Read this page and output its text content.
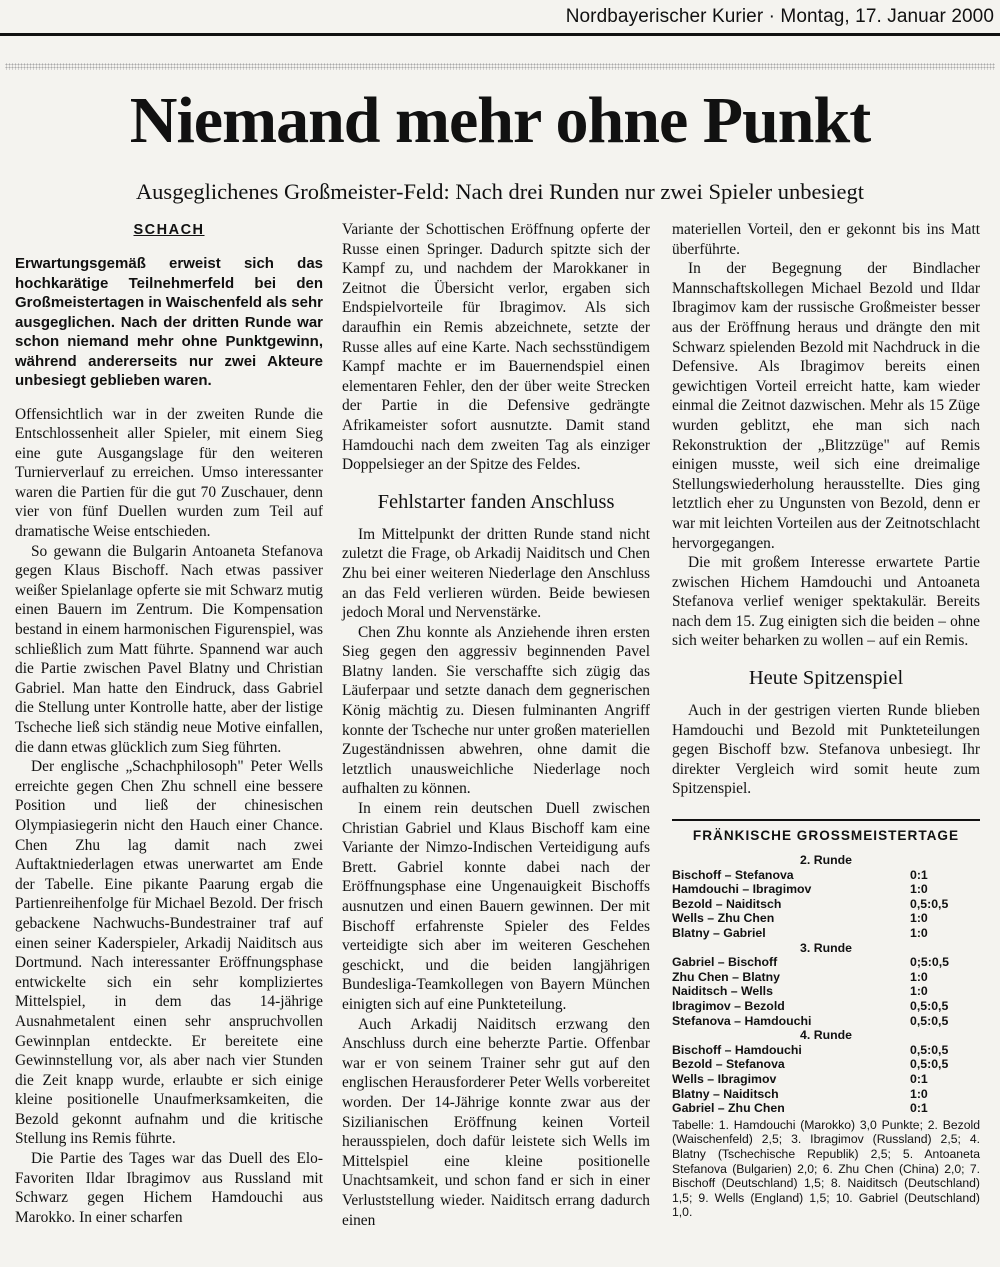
Nordbayerischer Kurier · Montag, 17. Januar 2000
Niemand mehr ohne Punkt
Ausgeglichenes Großmeister-Feld: Nach drei Runden nur zwei Spieler unbesiegt
SCHACH
Erwartungsgemäß erweist sich das hochkarätige Teilnehmerfeld bei den Großmeistertagen in Waischenfeld als sehr ausgeglichen. Nach der dritten Runde war schon niemand mehr ohne Punktgewinn, während andererseits nur zwei Akteure unbesiegt geblieben waren.

Offensichtlich war in der zweiten Runde die Entschlossenheit aller Spieler, mit einem Sieg eine gute Ausgangslage für den weiteren Turnierverlauf zu erreichen. Umso interessanter waren die Partien für die gut 70 Zuschauer, denn vier von fünf Duellen wurden zum Teil auf dramatische Weise entschieden.

So gewann die Bulgarin Antoaneta Stefanova gegen Klaus Bischoff. Nach etwas passiver weißer Spielanlage opferte sie mit Schwarz mutig einen Bauern im Zentrum. Die Kompensation bestand in einem harmonischen Figurenspiel, was schließlich zum Matt führte. Spannend war auch die Partie zwischen Pavel Blatny und Christian Gabriel. Man hatte den Eindruck, dass Gabriel die Stellung unter Kontrolle hatte, aber der listige Tscheche ließ sich ständig neue Motive einfallen, die dann etwas glücklich zum Sieg führten.

Der englische „Schachphilosoph" Peter Wells erreichte gegen Chen Zhu schnell eine bessere Position und ließ der chinesischen Olympiasiegerin nicht den Hauch einer Chance. Chen Zhu lag damit nach zwei Auftaktniederlagen etwas unerwartet am Ende der Tabelle. Eine pikante Paarung ergab die Partienreihenfolge für Michael Bezold. Der frisch gebackene Nachwuchs-Bundestrainer traf auf einen seiner Kaderspieler, Arkadij Naiditsch aus Dortmund. Nach interessanter Eröffnungsphase entwickelte sich ein sehr kompliziertes Mittelspiel, in dem das 14-jährige Ausnahmetalent einen sehr anspruchvollen Gewinnplan entdeckte. Er bereitete eine Gewinnstellung vor, als aber nach vier Stunden die Zeit knapp wurde, erlaubte er sich einige kleine positionelle Unaufmerksamkeiten, die Bezold gekonnt aufnahm und die kritische Stellung ins Remis führte.

Die Partie des Tages war das Duell des Elo-Favoriten Ildar Ibragimov aus Russland mit Schwarz gegen Hichem Hamdouchi aus Marokko. In einer scharfen

Variante der Schottischen Eröffnung opferte der Russe einen Springer. Dadurch spitzte sich der Kampf zu, und nachdem der Marokkaner in Zeitnot die Übersicht verlor, ergaben sich Endspielvorteile für Ibragimov. Als sich daraufhin ein Remis abzeichnete, setzte der Russe alles auf eine Karte. Nach sechsstündigem Kampf machte er im Bauernendspiel einen elementaren Fehler, den der über weite Strecken der Partie in die Defensive gedrängte Afrikameister sofort ausnutzte. Damit stand Hamdouchi nach dem zweiten Tag als einziger Doppelsieger an der Spitze des Feldes.

Fehlstarter fanden Anschluss

Im Mittelpunkt der dritten Runde stand nicht zuletzt die Frage, ob Arkadij Naiditsch und Chen Zhu bei einer weiteren Niederlage den Anschluss an das Feld verlieren würden. Beide bewiesen jedoch Moral und Nervenstärke.

Chen Zhu konnte als Anziehende ihren ersten Sieg gegen den aggressiv beginnenden Pavel Blatny landen. Sie verschaffte sich zügig das Läuferpaar und setzte danach dem gegnerischen König mächtig zu. Diesen fulminanten Angriff konnte der Tscheche nur unter großen materiellen Zugeständnissen abwehren, ohne damit die letztlich unausweichliche Niederlage noch aufhalten zu können.

In einem rein deutschen Duell zwischen Christian Gabriel und Klaus Bischoff kam eine Variante der Nimzo-Indischen Verteidigung aufs Brett. Gabriel konnte dabei nach der Eröffnungsphase eine Ungenauigkeit Bischoffs ausnutzen und einen Bauern gewinnen. Der mit Bischoff erfahrenste Spieler des Feldes verteidigte sich aber im weiteren Geschehen geschickt, und die beiden langjährigen Bundesliga-Teamkollegen von Bayern München einigten sich auf eine Punkteteilung.

Auch Arkadij Naiditsch erzwang den Anschluss durch eine beherzte Partie. Offenbar war er von seinem Trainer sehr gut auf den englischen Herausforderer Peter Wells vorbereitet worden. Der 14-Jährige konnte zwar aus der Sizilianischen Eröffnung keinen Vorteil herausspielen, doch dafür leistete sich Wells im Mittelspiel eine kleine positionelle Unachtsamkeit, und schon fand er sich in einer Verluststellung wieder. Naiditsch errang dadurch einen

materiellen Vorteil, den er gekonnt bis ins Matt überführte.

In der Begegnung der Bindlacher Mannschaftskollegen Michael Bezold und Ildar Ibragimov kam der russische Großmeister besser aus der Eröffnung heraus und drängte den mit Schwarz spielenden Bezold mit Nachdruck in die Defensive. Als Ibragimov bereits einen gewichtigen Vorteil erreicht hatte, kam wieder einmal die Zeitnot dazwischen. Mehr als 15 Züge wurden geblitzt, ehe man sich nach Rekonstruktion der „Blitzzüge" auf Remis einigen musste, weil sich eine dreimalige Stellungswiederholung herausstellte. Dies ging letztlich eher zu Ungunsten von Bezold, denn er war mit leichten Vorteilen aus der Zeitnotschlacht hervorgegangen.

Die mit großem Interesse erwartete Partie zwischen Hichem Hamdouchi und Antoaneta Stefanova verlief weniger spektakulär. Bereits nach dem 15. Zug einigten sich die beiden – ohne sich weiter beharken zu wollen – auf ein Remis.

Heute Spitzenspiel

Auch in der gestrigen vierten Runde blieben Hamdouchi und Bezold mit Punkteteilungen gegen Bischoff bzw. Stefanova unbesiegt. Ihr direkter Vergleich wird somit heute zum Spitzenspiel.

FRÄNKISCHE GROSSMEISTERTAGE
2. Runde
Bischoff – Stefanova	0:1
Hamdouchi – Ibragimov	1:0
Bezold – Naiditsch	0,5:0,5
Wells – Zhu Chen	1:0
Blatny – Gabriel	1:0
3. Runde
Gabriel – Bischoff	0;5:0,5
Zhu Chen – Blatny	1:0
Naiditsch – Wells	1:0
Ibragimov – Bezold	0,5:0,5
Stefanova – Hamdouchi	0,5:0,5
4. Runde
Bischoff – Hamdouchi	0,5:0,5
Bezold – Stefanova	0,5:0,5
Wells – Ibragimov	0:1
Blatny – Naiditsch	1:0
Gabriel – Zhu Chen	0:1
Tabelle: 1. Hamdouchi (Marokko) 3,0 Punkte; 2. Bezold (Waischenfeld) 2,5; 3. Ibragimov (Russland) 2,5; 4. Blatny (Tschechische Republik) 2,5; 5. Antoaneta Stefanova (Bulgarien) 2,0; 6. Zhu Chen (China) 2,0; 7. Bischoff (Deutschland) 1,5; 8. Naiditsch (Deutschland) 1,5; 9. Wells (England) 1,5; 10. Gabriel (Deutschland) 1,0.
